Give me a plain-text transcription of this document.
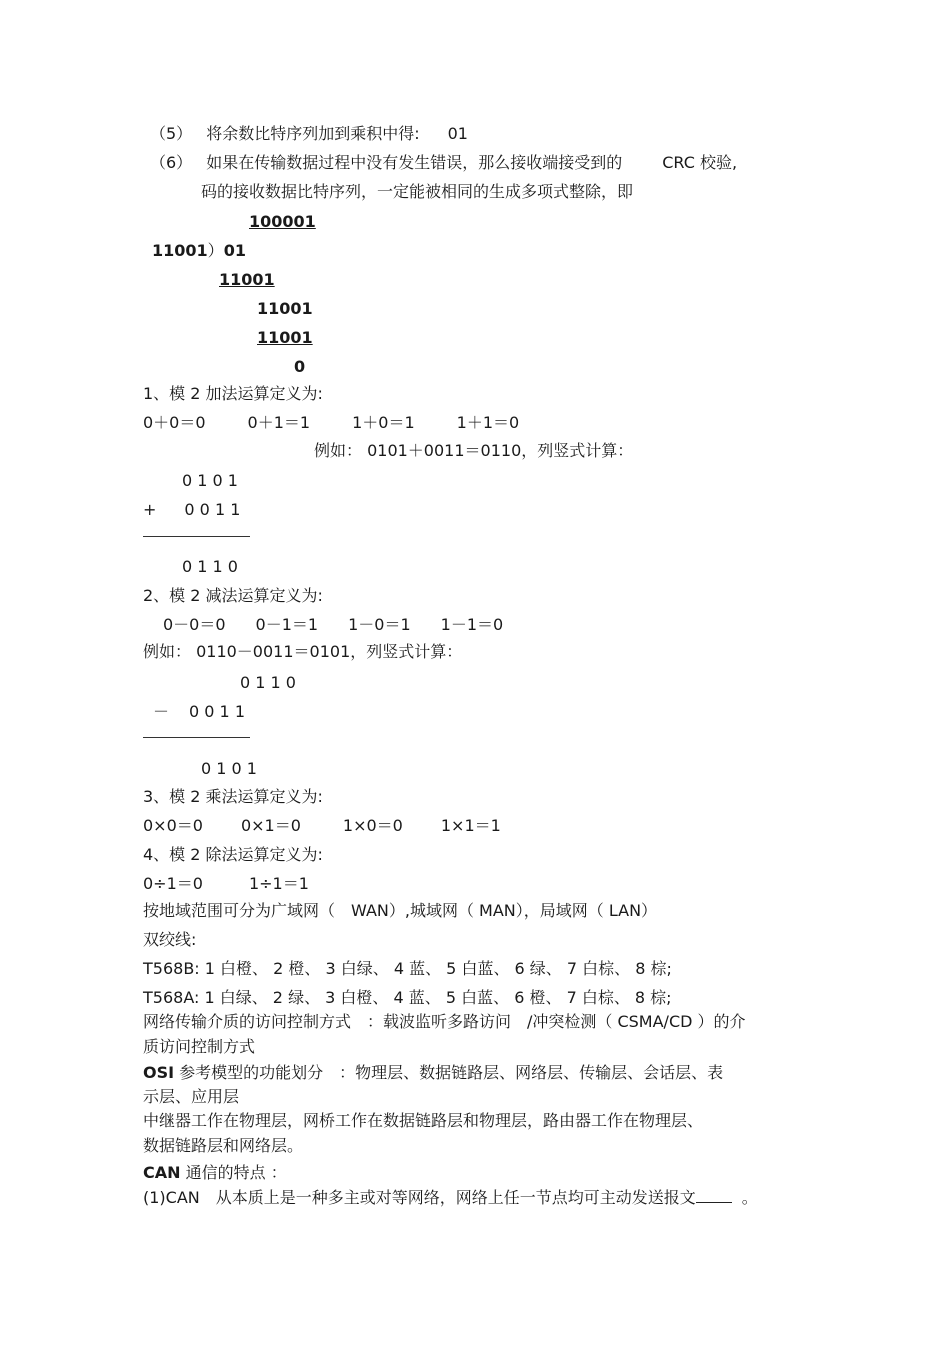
（5） 将余数比特序列加到乘积中得: 01
（6） 如果在传输数据过程中没有发生错误，那么接收端接受到的	CRC 校验,
码的接收数据比特序列，一定能被相同的生成多项式整除，即
100001
11001）01
11001
11001
11001
0
1、模 2 加法运算定义为:
0＋0＝0	0＋1＝1	1＋0＝1	1＋1＝0
例如： 0101＋0011＝0110，列竖式计算：
0 1 0 1
+ 0 0 1 1
0 1 1 0
2、模 2 减法运算定义为:
0－0＝0 0－1＝1 1－0＝1 1－1＝0
例如： 0110－0011＝0101，列竖式计算：
0 1 1 0
－ 0 0 1 1
0 1 0 1
3、模 2 乘法运算定义为:
0×0＝0 0×1＝0	1×0＝0 1×1＝1
4、模 2 除法运算定义为:
0÷1＝0	1÷1＝1
按地域范围可分为广域网（　WAN）,城域网（ MAN），局域网（ LAN）
双绞线:
T568B: 1 白橙、 2 橙、 3 白绿、 4 蓝、 5 白蓝、 6 绿、 7 白棕、 8 棕;
T568A: 1 白绿、 2 绿、 3 白橙、 4 蓝、 5 白蓝、 6 橙、 7 白棕、 8 棕;
网络传输介质的访问控制方式　：载波监听多路访问　/冲突检测（ CSMA/CD ）的介
质访问控制方式
OSI 参考模型的功能划分　：物理层、数据链路层、网络层、传输层、会话层、表
示层、应用层
中继器工作在物理层，网桥工作在数据链路层和物理层，路由器工作在物理层、
数据链路层和网络层。
CAN 通信的特点 ：
(1)CAN　从本质上是一种多主或对等网络，网络上任一节点均可主动发送报文	。
